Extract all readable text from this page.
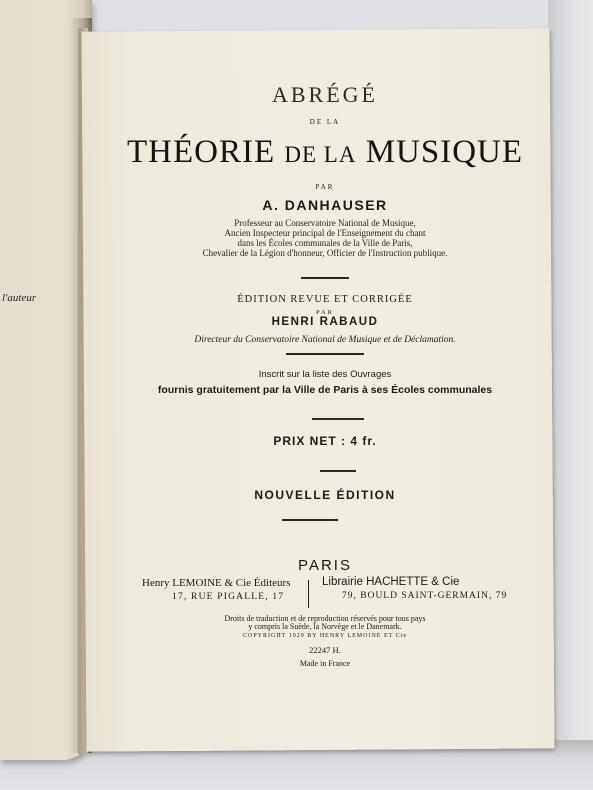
l'auteur
ABRÉGÉ
DE LA
THÉORIE DE LA MUSIQUE
PAR
A. DANHAUSER
Professeur au Conservatoire National de Musique,
Ancien Inspecteur principal de l'Enseignement du chant
dans les Écoles communales de la Ville de Paris,
Chevalier de la Légion d'honneur, Officier de l'Instruction publique.
ÉDITION REVUE ET CORRIGÉE
PAR
HENRI RABAUD
Directeur du Conservatoire National de Musique et de Déclamation.
Inscrit sur la liste des Ouvrages
fournis gratuitement par la Ville de Paris à ses Écoles communales
PRIX NET : 4 fr.
NOUVELLE ÉDITION
PARIS
Henry LEMOINE & Cie Éditeurs
17, RUE PIGALLE, 17
Librairie HACHETTE & Cie
79, BOULD SAINT-GERMAIN, 79
Droits de traduction et de reproduction réservés pour tous pays
y compris la Suède, la Norvège et le Danemark.
COPYRIGHT 1929 BY HENRY LEMOINE ET Cie
22247 H.
Made in France
